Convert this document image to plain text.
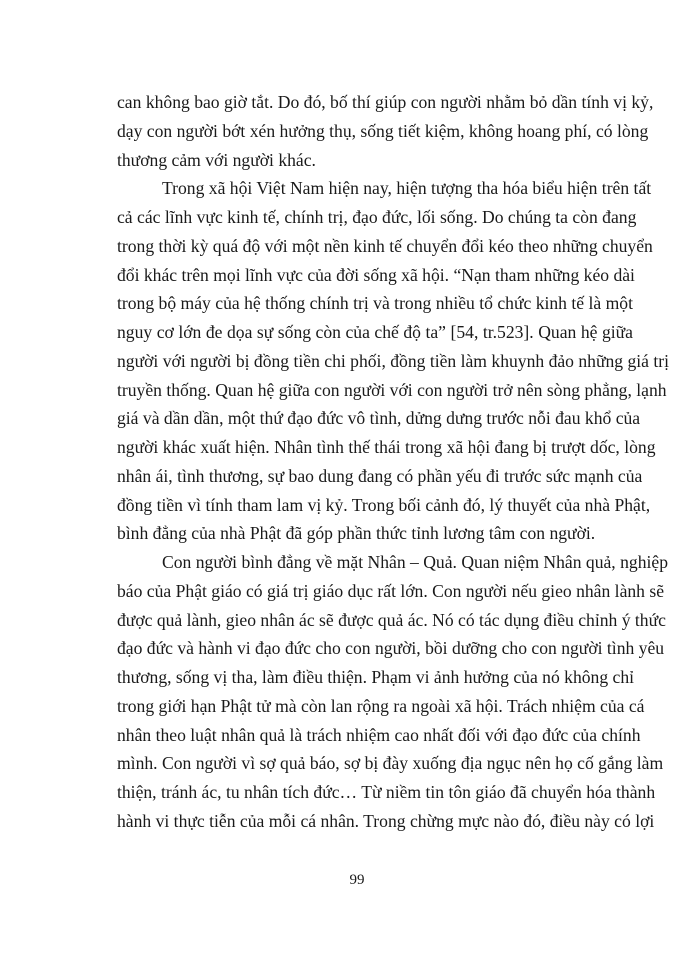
can không bao giờ tắt. Do đó, bố thí giúp con người nhằm bỏ dần tính vị kỷ,
dạy con người bớt xén hưởng thụ, sống tiết kiệm, không hoang phí, có lòng
thương cảm với người khác.
Trong xã hội Việt Nam hiện nay, hiện tượng tha hóa biểu hiện trên tất
cả các lĩnh vực kinh tế, chính trị, đạo đức, lối sống. Do chúng ta còn đang
trong thời kỳ quá độ với một nền kinh tế chuyển đổi kéo theo những chuyển
đổi khác trên mọi lĩnh vực của đời sống xã hội. “Nạn tham những kéo dài
trong bộ máy của hệ thống chính trị và trong nhiều tổ chức kinh tế là một
nguy cơ lớn đe dọa sự sống còn của chế độ ta” [54, tr.523]. Quan hệ giữa
người với người bị đồng tiền chi phối, đồng tiền làm khuynh đảo những giá trị
truyền thống. Quan hệ giữa con người với con người trở nên sòng phẳng, lạnh
giá và dần dần, một thứ đạo đức vô tình, dửng dưng trước nỗi đau khổ của
người khác xuất hiện. Nhân tình thế thái trong xã hội đang bị trượt dốc, lòng
nhân ái, tình thương, sự bao dung đang có phần yếu đi trước sức mạnh của
đồng tiền vì tính tham lam vị kỷ. Trong bối cảnh đó, lý thuyết của nhà Phật,
bình đẳng của nhà Phật đã góp phần thức tỉnh lương tâm con người.
Con người bình đẳng về mặt Nhân – Quả. Quan niệm Nhân quả, nghiệp
báo của Phật giáo có giá trị giáo dục rất lớn. Con người nếu gieo nhân lành sẽ
được quả lành, gieo nhân ác sẽ được quả ác. Nó có tác dụng điều chỉnh ý thức
đạo đức và hành vi đạo đức cho con người, bồi dưỡng cho con người tình yêu
thương, sống vị tha, làm điều thiện. Phạm vi ảnh hưởng của nó không chỉ
trong giới hạn Phật tử mà còn lan rộng ra ngoài xã hội. Trách nhiệm của cá
nhân theo luật nhân quả là trách nhiệm cao nhất đối với đạo đức của chính
mình. Con người vì sợ quả báo, sợ bị đày xuống địa ngục nên họ cố gắng làm
thiện, tránh ác, tu nhân tích đức… Từ niềm tin tôn giáo đã chuyển hóa thành
hành vi thực tiễn của mỗi cá nhân. Trong chừng mực nào đó, điều này có lợi
99
